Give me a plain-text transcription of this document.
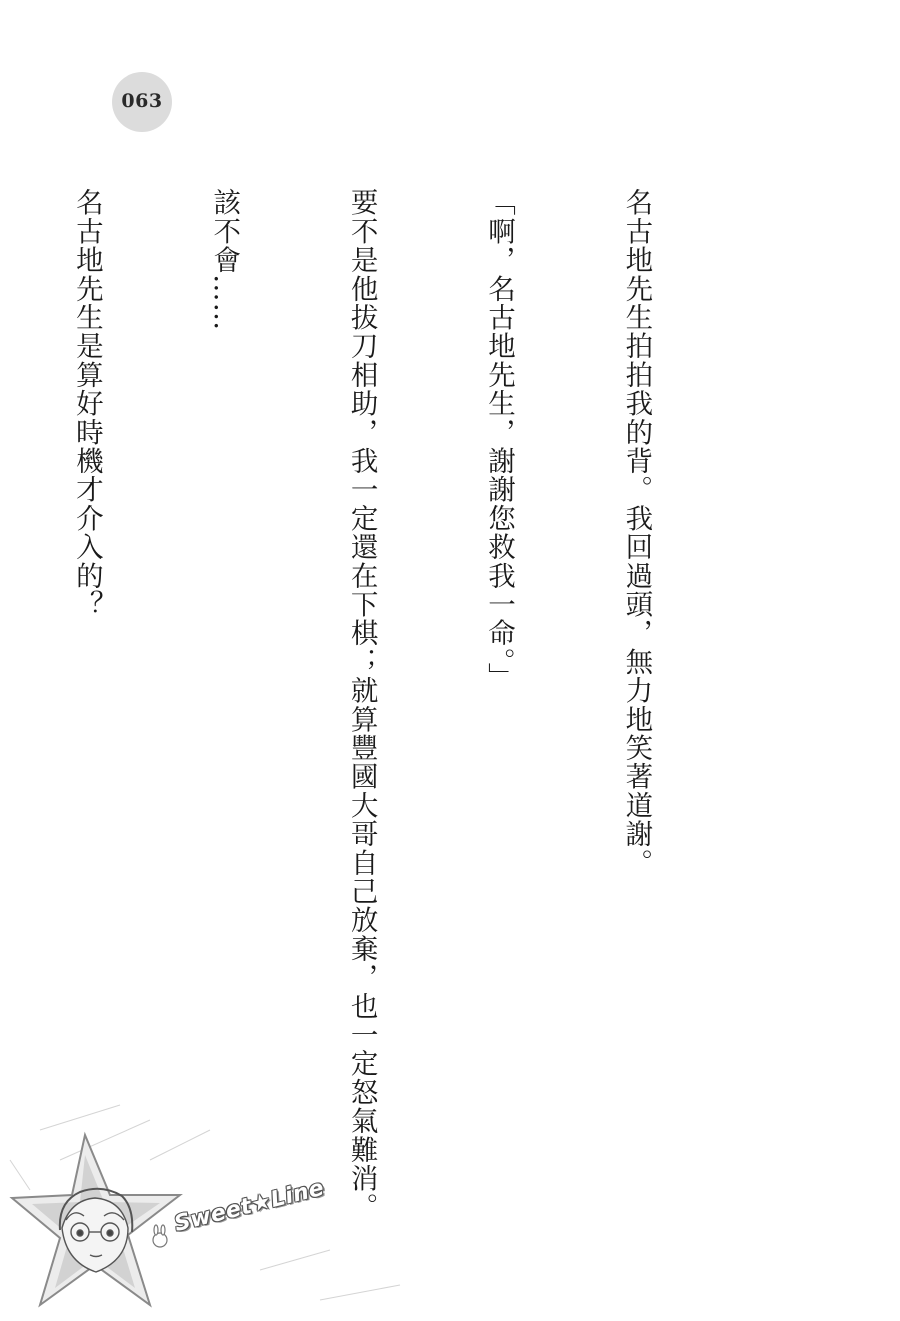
063

名古地先生拍拍我的背。我回過頭，無力地笑著道謝。

「啊，名古地先生，謝謝您救我一命。」

要不是他拔刀相助，我一定還在下棋；就算豐國大哥自己放棄，也一定怒氣難消。

該不會……

名古地先生是算好時機才介入的？

Sweet★Line
